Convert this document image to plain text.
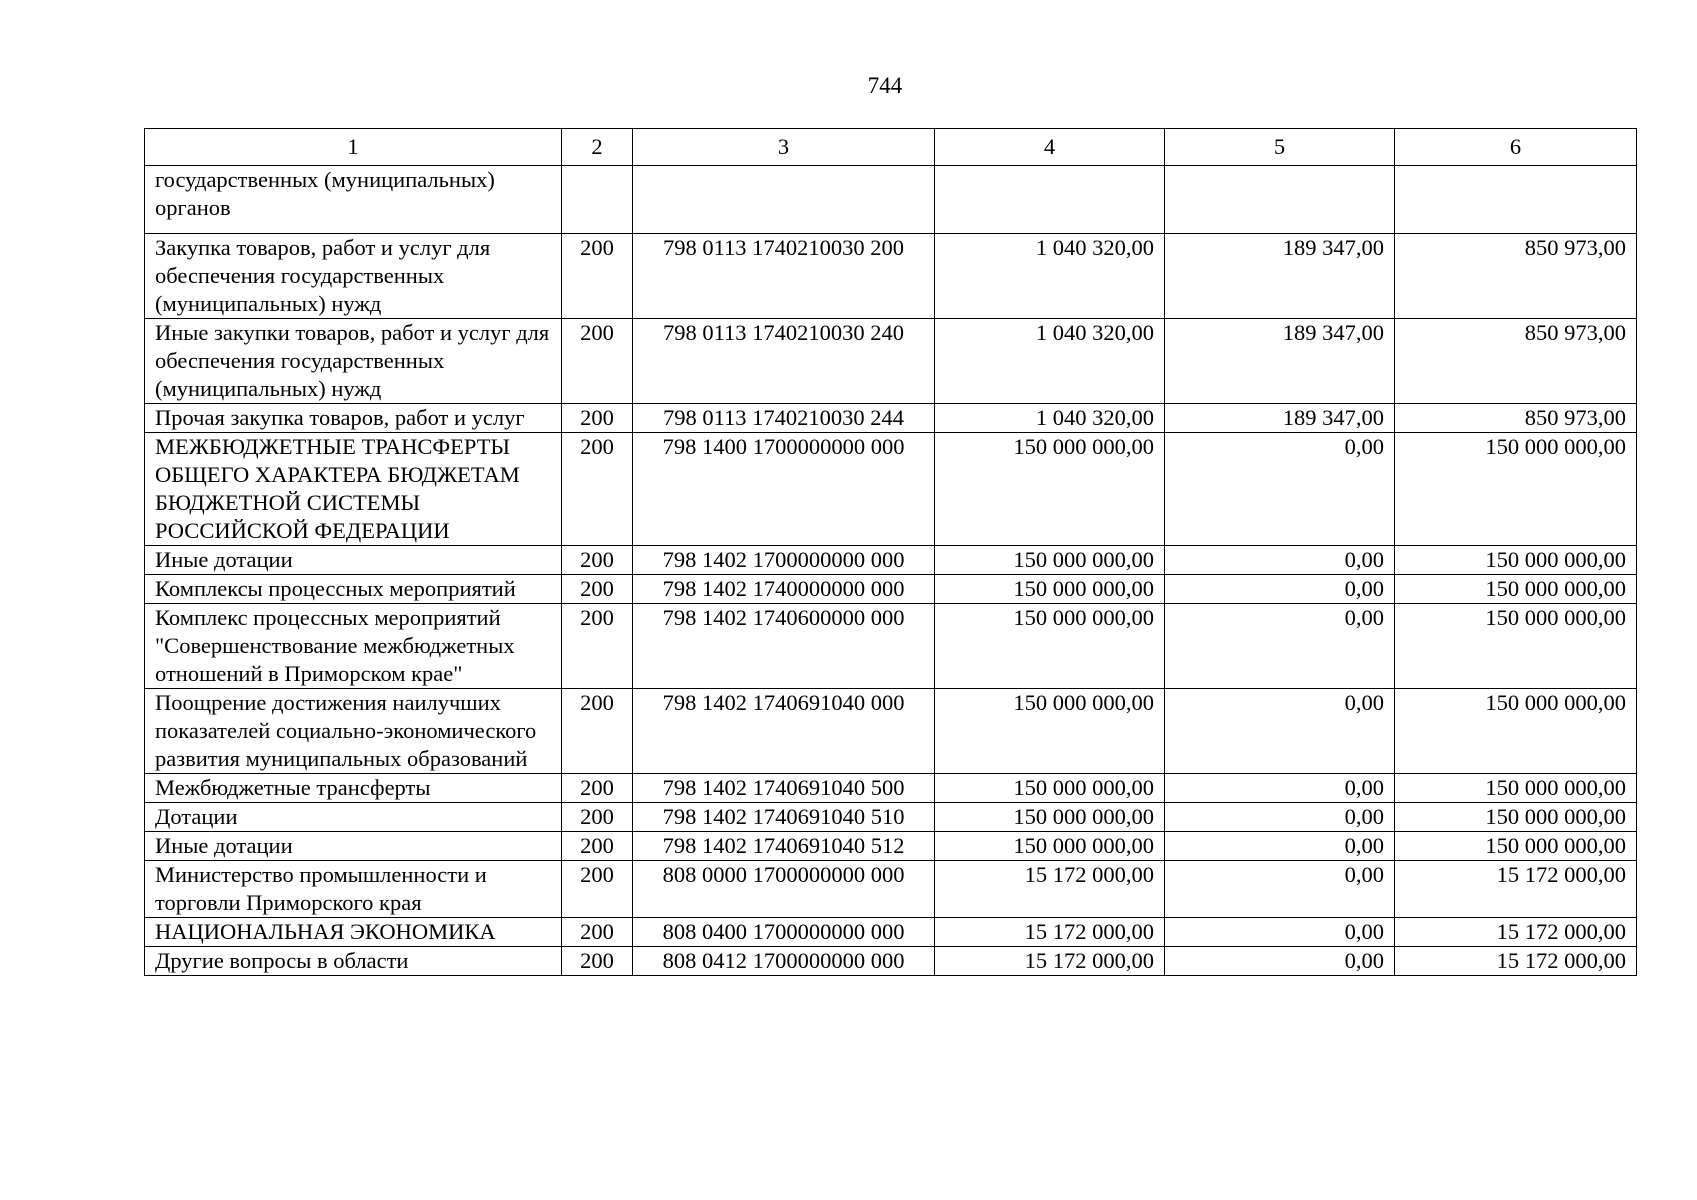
744
1	2	3	4	5	6
государственных (муниципальных) органов					
Закупка товаров, работ и услуг для обеспечения государственных (муниципальных) нужд	200	798 0113 1740210030 200	1 040 320,00	189 347,00	850 973,00
Иные закупки товаров, работ и услуг для обеспечения государственных (муниципальных) нужд	200	798 0113 1740210030 240	1 040 320,00	189 347,00	850 973,00
Прочая закупка товаров, работ и услуг	200	798 0113 1740210030 244	1 040 320,00	189 347,00	850 973,00
МЕЖБЮДЖЕТНЫЕ ТРАНСФЕРТЫ ОБЩЕГО ХАРАКТЕРА БЮДЖЕТАМ БЮДЖЕТНОЙ СИСТЕМЫ РОССИЙСКОЙ ФЕДЕРАЦИИ	200	798 1400 1700000000 000	150 000 000,00	0,00	150 000 000,00
Иные дотации	200	798 1402 1700000000 000	150 000 000,00	0,00	150 000 000,00
Комплексы процессных мероприятий	200	798 1402 1740000000 000	150 000 000,00	0,00	150 000 000,00
Комплекс процессных мероприятий "Совершенствование межбюджетных отношений в Приморском крае"	200	798 1402 1740600000 000	150 000 000,00	0,00	150 000 000,00
Поощрение достижения наилучших показателей социально-экономического развития муниципальных образований	200	798 1402 1740691040 000	150 000 000,00	0,00	150 000 000,00
Межбюджетные трансферты	200	798 1402 1740691040 500	150 000 000,00	0,00	150 000 000,00
Дотации	200	798 1402 1740691040 510	150 000 000,00	0,00	150 000 000,00
Иные дотации	200	798 1402 1740691040 512	150 000 000,00	0,00	150 000 000,00
Министерство промышленности и торговли Приморского края	200	808 0000 1700000000 000	15 172 000,00	0,00	15 172 000,00
НАЦИОНАЛЬНАЯ ЭКОНОМИКА	200	808 0400 1700000000 000	15 172 000,00	0,00	15 172 000,00
Другие вопросы в области	200	808 0412 1700000000 000	15 172 000,00	0,00	15 172 000,00
